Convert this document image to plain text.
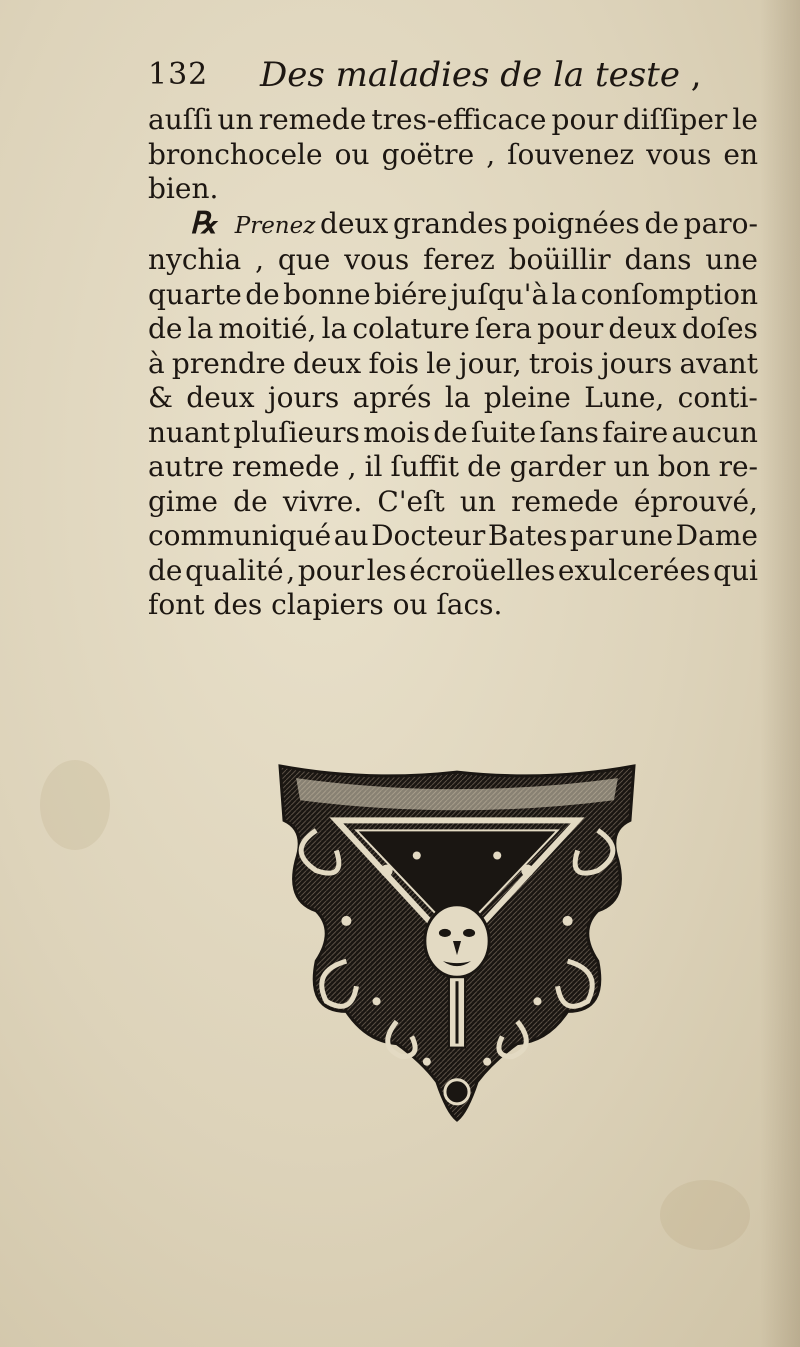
132 Des maladies de la teste ,
auſſi un remede tres-efficace pour diſſiper le
bronchocele ou goëtre , ſouvenez vous en
bien.
℞ Prenez deux grandes poignées de paro-
nychia , que vous ferez boüillir dans une
quarte de bonne biére juſqu'à la conſomption
de la moitié, la colature ſera pour deux doſes
à prendre deux fois le jour, trois jours avant
& deux jours aprés la pleine Lune, conti-
nuant pluſieurs mois de ſuite ſans faire aucun
autre remede , il ſuffit de garder un bon re-
gime de vivre. C'eſt un remede éprouvé,
communiqué au Docteur Bates par une Dame
de qualité , pour les écroüelles exulcerées qui
font des clapiers ou ſacs.
